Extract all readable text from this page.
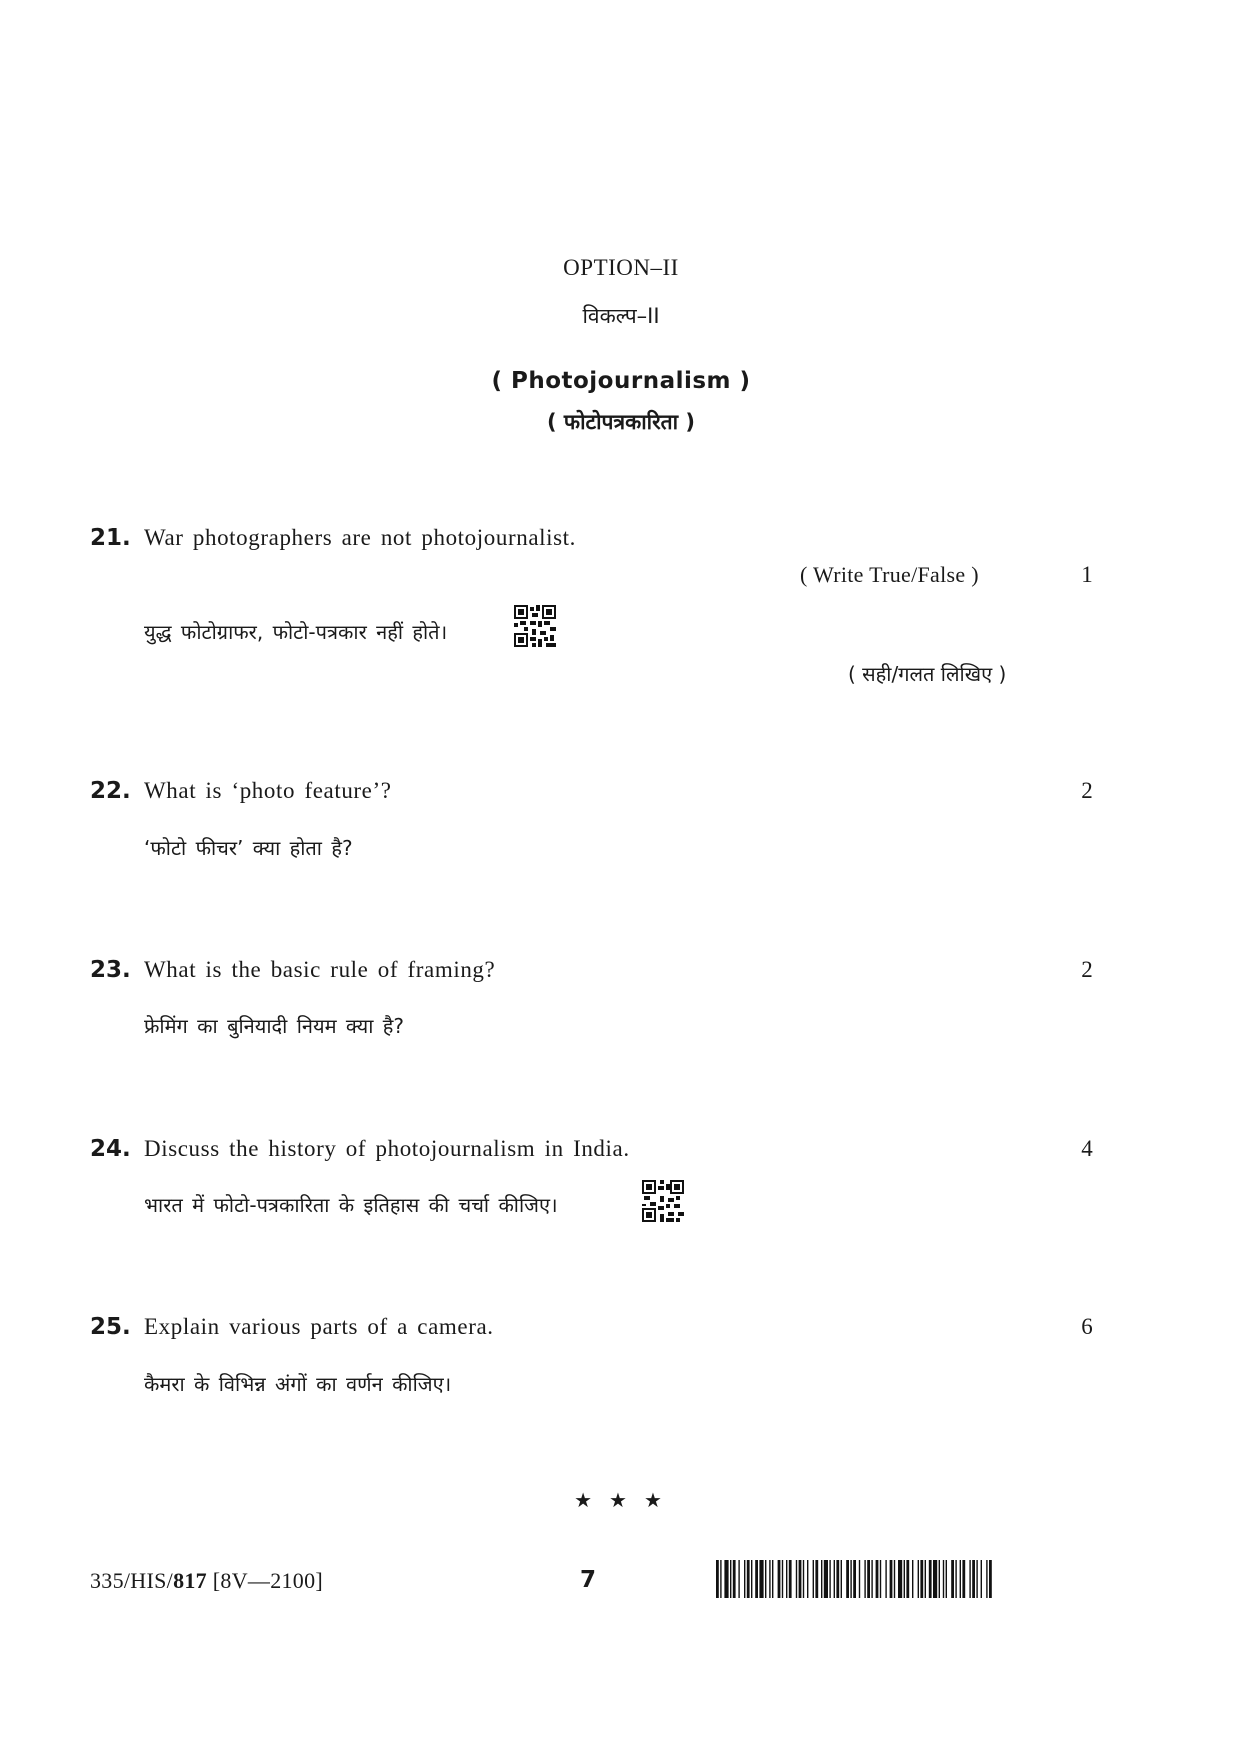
OPTION–II
विकल्प–II
( Photojournalism )
( फोटोपत्रकारिता )
21. War photographers are not photojournalist.
( Write True/False )	1
युद्ध फोटोग्राफर, फोटो-पत्रकार नहीं होते।
( सही/गलत लिखिए )
22. What is ‘photo feature’?	2
‘फोटो फीचर’ क्या होता है?
23. What is the basic rule of framing?	2
फ्रेमिंग का बुनियादी नियम क्या है?
24. Discuss the history of photojournalism in India.	4
भारत में फोटो-पत्रकारिता के इतिहास की चर्चा कीजिए।
25. Explain various parts of a camera.	6
कैमरा के विभिन्न अंगों का वर्णन कीजिए।
★ ★ ★
335/HIS/817 [8V—2100]	7
